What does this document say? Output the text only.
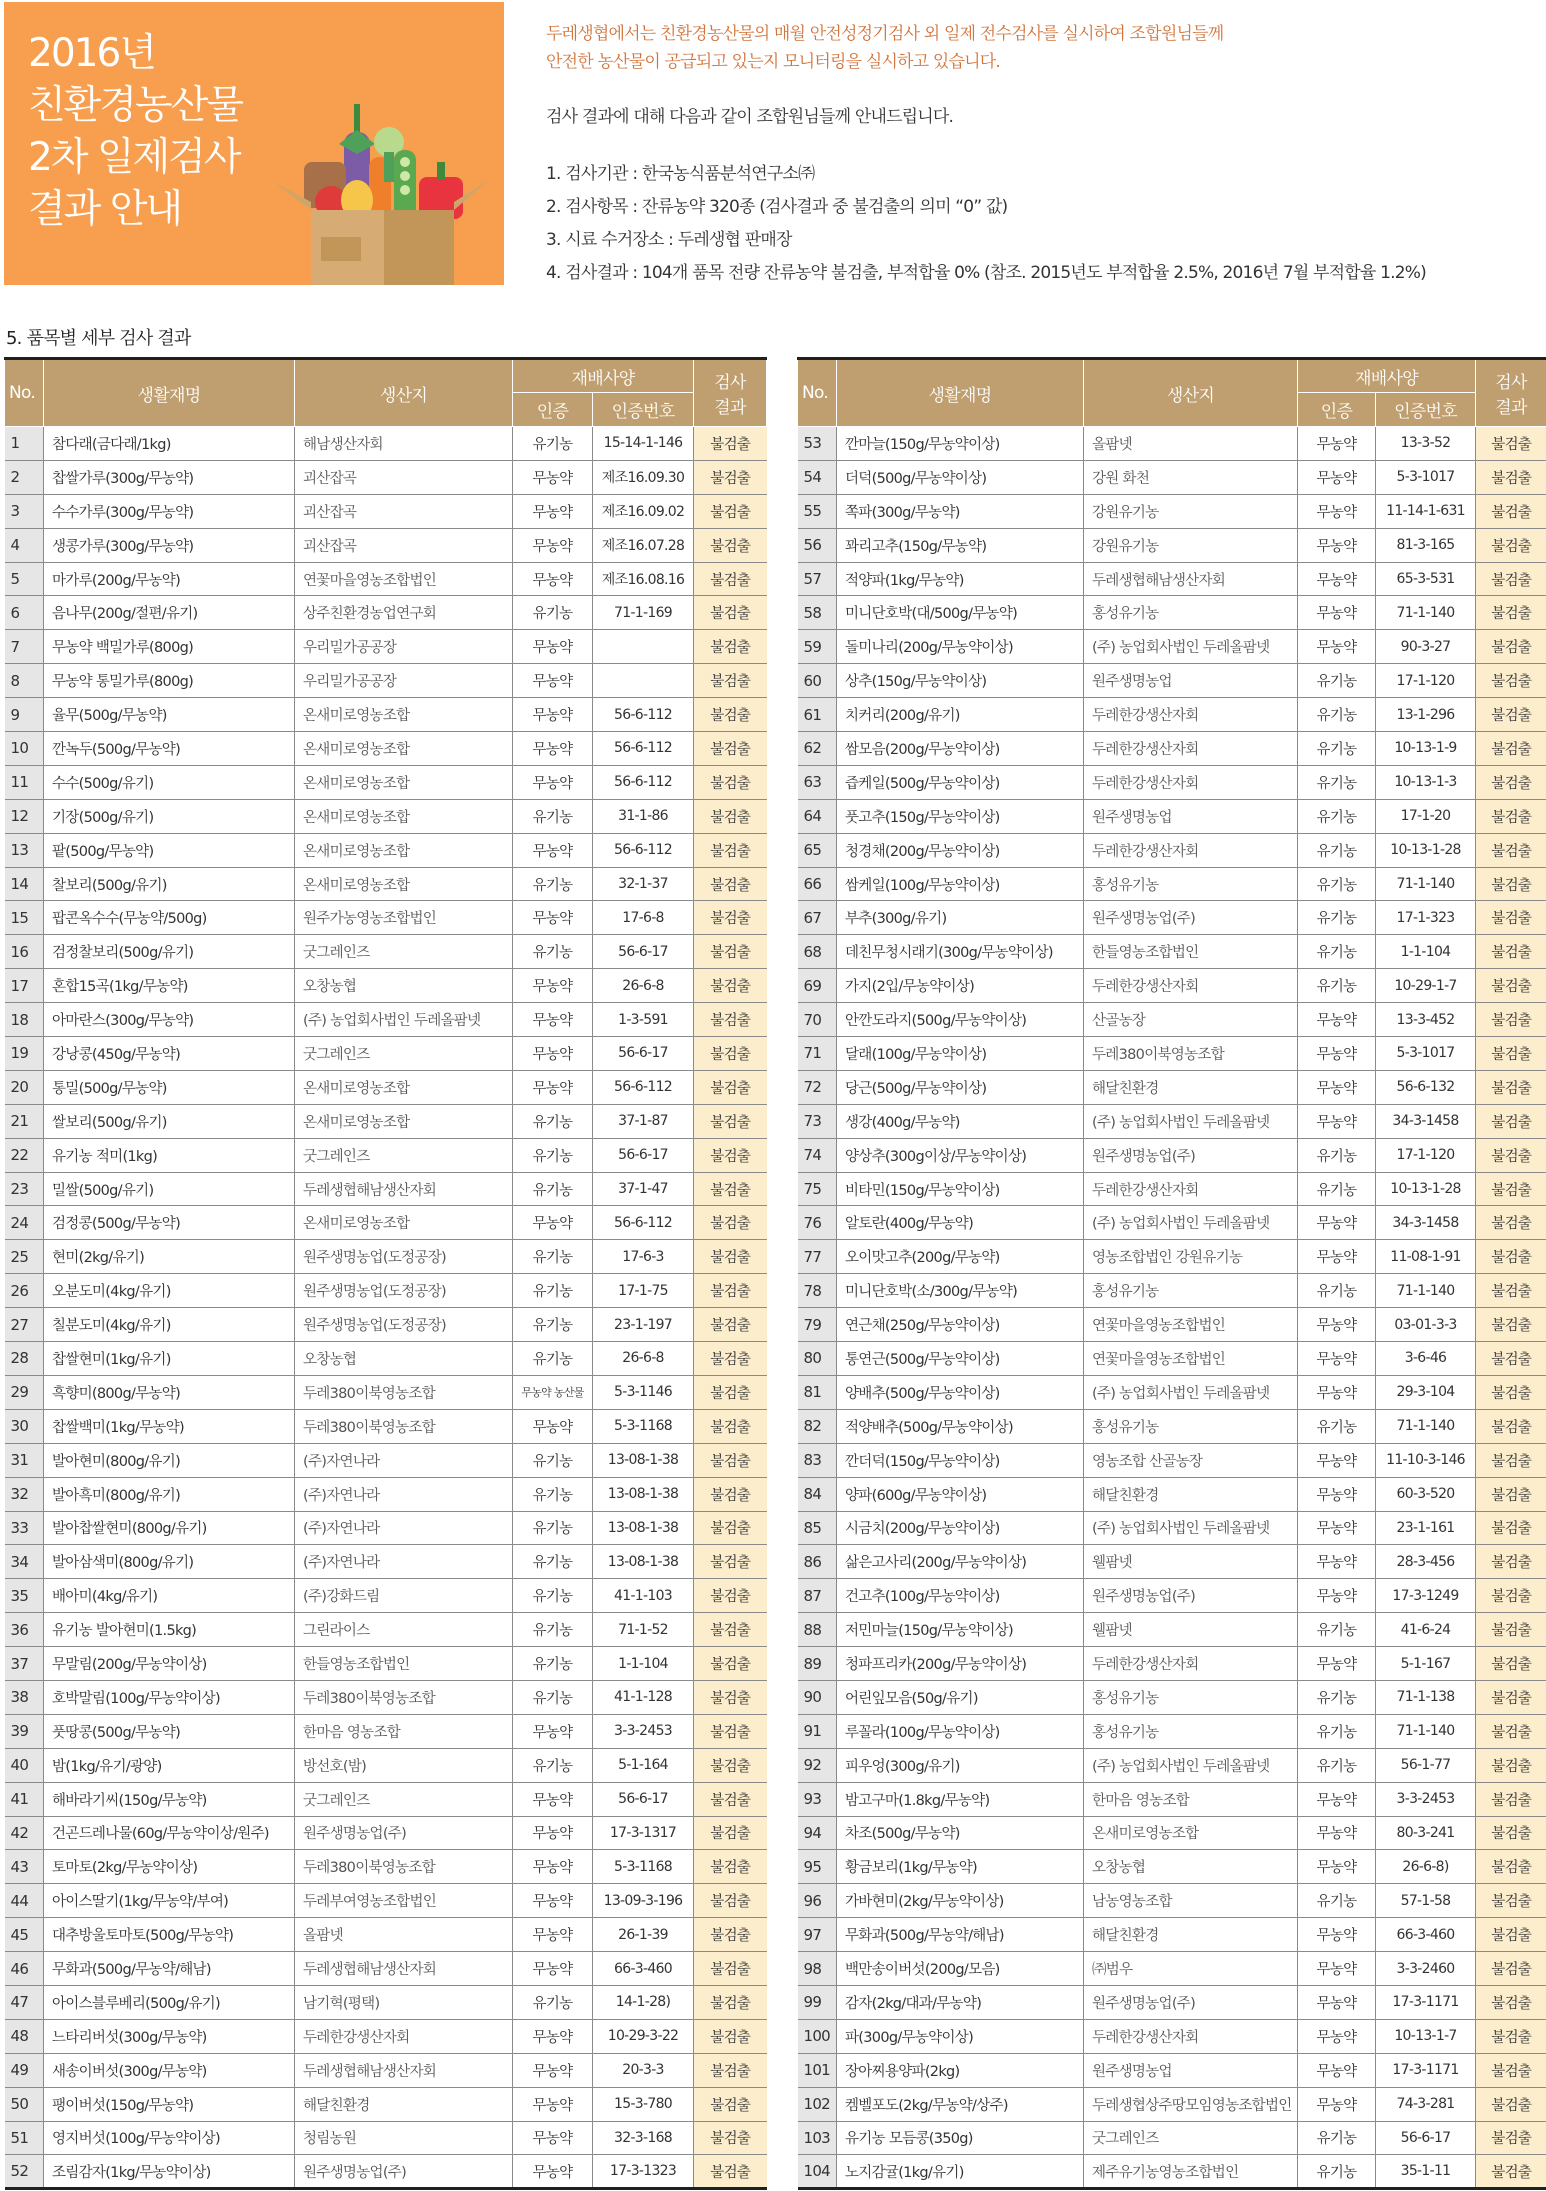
2016년
친환경농산물
2차 일제검사
결과 안내
두레생협에서는 친환경농산물의 매월 안전성정기검사 외 일제 전수검사를 실시하여 조합원님들께
안전한 농산물이 공급되고 있는지 모니터링을 실시하고 있습니다.
검사 결과에 대해 다음과 같이 조합원님들께 안내드립니다.
1. 검사기관 : 한국농식품분석연구소㈜
2. 검사항목 : 잔류농약 320종 (검사결과 중 불검출의 의미 “0” 값)
3. 시료 수거장소 : 두레생협 판매장
4. 검사결과 : 104개 품목 전량 잔류농약 불검출, 부적합율 0% (참조. 2015년도 부적합율 2.5%, 2016년 7월 부적합율 1.2%)
5. 품목별 세부 검사 결과
No.	생활재명	생산지	재배사양		검사
결과
			인증	인증번호	
1	참다래(금다래/1kg)	해남생산자회	유기농	15-14-1-146	불검출
2	찹쌀가루(300g/무농약)	괴산잡곡	무농약	제조16.09.30	불검출
3	수수가루(300g/무농약)	괴산잡곡	무농약	제조16.09.02	불검출
4	생콩가루(300g/무농약)	괴산잡곡	무농약	제조16.07.28	불검출
5	마가루(200g/무농약)	연꽃마을영농조합법인	무농약	제조16.08.16	불검출
6	음나무(200g/절편/유기)	상주친환경농업연구회	유기농	71-1-169	불검출
7	무농약 백밀가루(800g)	우리밀가공공장	무농약		불검출
8	무농약 통밀가루(800g)	우리밀가공공장	무농약		불검출
9	율무(500g/무농약)	온새미로영농조합	무농약	56-6-112	불검출
10	깐녹두(500g/무농약)	온새미로영농조합	무농약	56-6-112	불검출
11	수수(500g/유기)	온새미로영농조합	무농약	56-6-112	불검출
12	기장(500g/유기)	온새미로영농조합	유기농	31-1-86	불검출
13	팥(500g/무농약)	온새미로영농조합	무농약	56-6-112	불검출
14	찰보리(500g/유기)	온새미로영농조합	유기농	32-1-37	불검출
15	팝콘옥수수(무농약/500g)	원주가농영농조합법인	무농약	17-6-8	불검출
16	검정찰보리(500g/유기)	굿그레인즈	유기농	56-6-17	불검출
17	혼합15곡(1kg/무농약)	오창농협	무농약	26-6-8	불검출
18	아마란스(300g/무농약)	(주) 농업회사법인 두레올팜넷	무농약	1-3-591	불검출
19	강낭콩(450g/무농약)	굿그레인즈	무농약	56-6-17	불검출
20	통밀(500g/무농약)	온새미로영농조합	무농약	56-6-112	불검출
21	쌀보리(500g/유기)	온새미로영농조합	유기농	37-1-87	불검출
22	유기농 적미(1kg)	굿그레인즈	유기농	56-6-17	불검출
23	밀쌀(500g/유기)	두레생협해남생산자회	유기농	37-1-47	불검출
24	검정콩(500g/무농약)	온새미로영농조합	무농약	56-6-112	불검출
25	현미(2kg/유기)	원주생명농업(도정공장)	유기농	17-6-3	불검출
26	오분도미(4kg/유기)	원주생명농업(도정공장)	유기농	17-1-75	불검출
27	칠분도미(4kg/유기)	원주생명농업(도정공장)	유기농	23-1-197	불검출
28	찹쌀현미(1kg/유기)	오창농협	유기농	26-6-8	불검출
29	흑향미(800g/무농약)	두레380이북영농조합	무농약 농산물	5-3-1146	불검출
30	찹쌀백미(1kg/무농약)	두레380이북영농조합	무농약	5-3-1168	불검출
31	발아현미(800g/유기)	(주)자연나라	유기농	13-08-1-38	불검출
32	발아흑미(800g/유기)	(주)자연나라	유기농	13-08-1-38	불검출
33	발아찹쌀현미(800g/유기)	(주)자연나라	유기농	13-08-1-38	불검출
34	발아삼색미(800g/유기)	(주)자연나라	유기농	13-08-1-38	불검출
35	배아미(4kg/유기)	(주)강화드림	유기농	41-1-103	불검출
36	유기농 발아현미(1.5kg)	그린라이스	유기농	71-1-52	불검출
37	무말림(200g/무농약이상)	한들영농조합법인	유기농	1-1-104	불검출
38	호박말림(100g/무농약이상)	두레380이북영농조합	유기농	41-1-128	불검출
39	풋땅콩(500g/무농약)	한마음 영농조합	무농약	3-3-2453	불검출
40	밤(1kg/유기/광양)	방선호(밤)	유기농	5-1-164	불검출
41	해바라기씨(150g/무농약)	굿그레인즈	무농약	56-6-17	불검출
42	건곤드레나물(60g/무농약이상/원주)	원주생명농업(주)	무농약	17-3-1317	불검출
43	토마토(2kg/무농약이상)	두레380이북영농조합	무농약	5-3-1168	불검출
44	아이스딸기(1kg/무농약/부여)	두레부여영농조합법인	무농약	13-09-3-196	불검출
45	대추방울토마토(500g/무농약)	올팜넷	무농약	26-1-39	불검출
46	무화과(500g/무농약/해남)	두레생협해남생산자회	무농약	66-3-460	불검출
47	아이스블루베리(500g/유기)	남기혁(평택)	유기농	14-1-28)	불검출
48	느타리버섯(300g/무농약)	두레한강생산자회	무농약	10-29-3-22	불검출
49	새송이버섯(300g/무농약)	두레생협해남생산자회	무농약	20-3-3	불검출
50	팽이버섯(150g/무농약)	해달친환경	무농약	15-3-780	불검출
51	영지버섯(100g/무농약이상)	청림농원	무농약	32-3-168	불검출
52	조림감자(1kg/무농약이상)	원주생명농업(주)	무농약	17-3-1323	불검출
No.	생활재명	생산지	재배사양		검사
결과
			인증	인증번호	
53	깐마늘(150g/무농약이상)	올팜넷	무농약	13-3-52	불검출
54	더덕(500g/무농약이상)	강원 화천	무농약	5-3-1017	불검출
55	쪽파(300g/무농약)	강원유기농	무농약	11-14-1-631	불검출
56	꽈리고추(150g/무농약)	강원유기농	무농약	81-3-165	불검출
57	적양파(1kg/무농약)	두레생협해남생산자회	무농약	65-3-531	불검출
58	미니단호박(대/500g/무농약)	홍성유기농	무농약	71-1-140	불검출
59	돌미나리(200g/무농약이상)	(주) 농업회사법인 두레올팜넷	무농약	90-3-27	불검출
60	상추(150g/무농약이상)	원주생명농업	유기농	17-1-120	불검출
61	치커리(200g/유기)	두레한강생산자회	유기농	13-1-296	불검출
62	쌈모음(200g/무농약이상)	두레한강생산자회	유기농	10-13-1-9	불검출
63	즙케일(500g/무농약이상)	두레한강생산자회	유기농	10-13-1-3	불검출
64	풋고추(150g/무농약이상)	원주생명농업	유기농	17-1-20	불검출
65	청경채(200g/무농약이상)	두레한강생산자회	유기농	10-13-1-28	불검출
66	쌈케일(100g/무농약이상)	홍성유기농	유기농	71-1-140	불검출
67	부추(300g/유기)	원주생명농업(주)	유기농	17-1-323	불검출
68	데친무청시래기(300g/무농약이상)	한들영농조합법인	유기농	1-1-104	불검출
69	가지(2입/무농약이상)	두레한강생산자회	유기농	10-29-1-7	불검출
70	안깐도라지(500g/무농약이상)	산골농장	무농약	13-3-452	불검출
71	달래(100g/무농약이상)	두레380이북영농조합	무농약	5-3-1017	불검출
72	당근(500g/무농약이상)	해달친환경	무농약	56-6-132	불검출
73	생강(400g/무농약)	(주) 농업회사법인 두레올팜넷	무농약	34-3-1458	불검출
74	양상추(300g이상/무농약이상)	원주생명농업(주)	유기농	17-1-120	불검출
75	비타민(150g/무농약이상)	두레한강생산자회	유기농	10-13-1-28	불검출
76	알토란(400g/무농약)	(주) 농업회사법인 두레올팜넷	무농약	34-3-1458	불검출
77	오이맛고추(200g/무농약)	영농조합법인 강원유기농	무농약	11-08-1-91	불검출
78	미니단호박(소/300g/무농약)	홍성유기농	유기농	71-1-140	불검출
79	연근채(250g/무농약이상)	연꽃마을영농조합법인	무농약	03-01-3-3	불검출
80	통연근(500g/무농약이상)	연꽃마을영농조합법인	무농약	3-6-46	불검출
81	양배추(500g/무농약이상)	(주) 농업회사법인 두레올팜넷	무농약	29-3-104	불검출
82	적양배추(500g/무농약이상)	홍성유기농	유기농	71-1-140	불검출
83	깐더덕(150g/무농약이상)	영농조합 산골농장	무농약	11-10-3-146	불검출
84	양파(600g/무농약이상)	해달친환경	무농약	60-3-520	불검출
85	시금치(200g/무농약이상)	(주) 농업회사법인 두레올팜넷	무농약	23-1-161	불검출
86	삶은고사리(200g/무농약이상)	웰팜넷	무농약	28-3-456	불검출
87	건고추(100g/무농약이상)	원주생명농업(주)	무농약	17-3-1249	불검출
88	저민마늘(150g/무농약이상)	웰팜넷	유기농	41-6-24	불검출
89	청파프리카(200g/무농약이상)	두레한강생산자회	무농약	5-1-167	불검출
90	어린잎모음(50g/유기)	홍성유기농	유기농	71-1-138	불검출
91	루꼴라(100g/무농약이상)	홍성유기농	유기농	71-1-140	불검출
92	피우엉(300g/유기)	(주) 농업회사법인 두레올팜넷	유기농	56-1-77	불검출
93	밤고구마(1.8kg/무농약)	한마음 영농조합	무농약	3-3-2453	불검출
94	차조(500g/무농약)	온새미로영농조합	무농약	80-3-241	불검출
95	황금보리(1kg/무농약)	오창농협	무농약	26-6-8)	불검출
96	가바현미(2kg/무농약이상)	남농영농조합	유기농	57-1-58	불검출
97	무화과(500g/무농약/해남)	해달친환경	무농약	66-3-460	불검출
98	백만송이버섯(200g/모음)	㈜범우	무농약	3-3-2460	불검출
99	감자(2kg/대과/무농약)	원주생명농업(주)	무농약	17-3-1171	불검출
100	파(300g/무농약이상)	두레한강생산자회	무농약	10-13-1-7	불검출
101	장아찌용양파(2kg)	원주생명농업	무농약	17-3-1171	불검출
102	켐벨포도(2kg/무농약/상주)	두레생협상주땅모임영농조합법인	무농약	74-3-281	불검출
103	유기농 모듬콩(350g)	굿그레인즈	유기농	56-6-17	불검출
104	노지감귤(1kg/유기)	제주유기농영농조합법인	유기농	35-1-11	불검출
